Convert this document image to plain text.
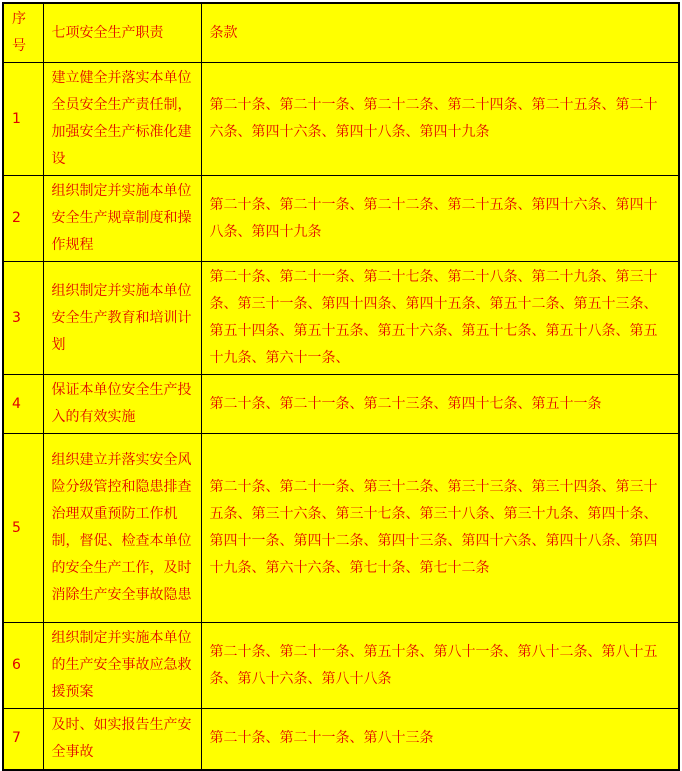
序号	七项安全生产职责	条款
1	建立健全并落实本单位全员安全生产责任制，加强安全生产标准化建设	第二十条、第二十一条、第二十二条、第二十四条、第二十五条、第二十六条、第四十六条、第四十八条、第四十九条
2	组织制定并实施本单位安全生产规章制度和操作规程	第二十条、第二十一条、第二十二条、第二十五条、第四十六条、第四十八条、第四十九条
3	组织制定并实施本单位安全生产教育和培训计划	第二十条、第二十一条、第二十七条、第二十八条、第二十九条、第三十条、第三十一条、第四十四条、第四十五条、第五十二条、第五十三条、第五十四条、第五十五条、第五十六条、第五十七条、第五十八条、第五十九条、第六十一条、
4	保证本单位安全生产投入的有效实施	第二十条、第二十一条、第二十三条、第四十七条、第五十一条
5	组织建立并落实安全风险分级管控和隐患排查治理双重预防工作机制，督促、检查本单位的安全生产工作，及时消除生产安全事故隐患	第二十条、第二十一条、第三十二条、第三十三条、第三十四条、第三十五条、第三十六条、第三十七条、第三十八条、第三十九条、第四十条、第四十一条、第四十二条、第四十三条、第四十六条、第四十八条、第四十九条、第六十六条、第七十条、第七十二条
6	组织制定并实施本单位的生产安全事故应急救援预案	第二十条、第二十一条、第五十条、第八十一条、第八十二条、第八十五条、第八十六条、第八十八条
7	及时、如实报告生产安全事故	第二十条、第二十一条、第八十三条
